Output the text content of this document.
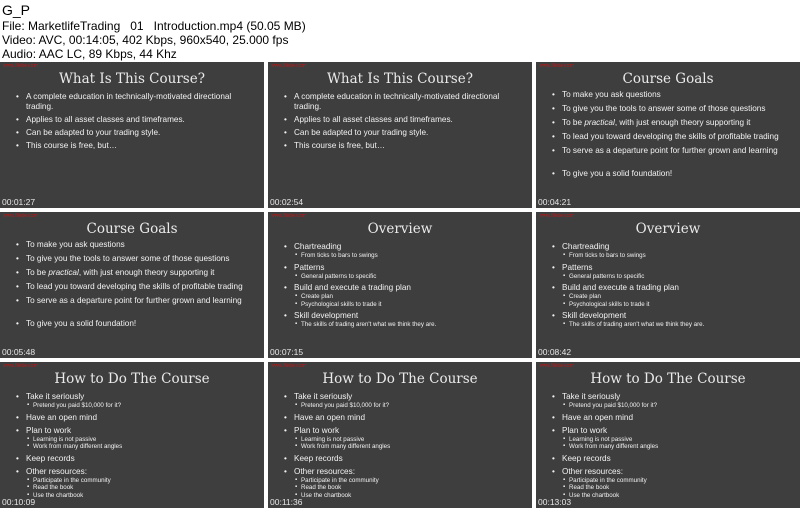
G_P
File: MarketlifeTrading   01   Introduction.mp4 (50.05 MB)
Video: AVC, 00:14:05, 402 Kbps, 960x540, 25.000 fps
Audio: AAC LC, 89 Kbps, 44 Khz
www.filebe.com
What Is This Course?
• A complete education in technically-motivated directional trading.
• Applies to all asset classes and timeframes.
• Can be adapted to your trading style.
• This course is free, but…
00:01:27
www.filebe.com
What Is This Course?
• A complete education in technically-motivated directional trading.
• Applies to all asset classes and timeframes.
• Can be adapted to your trading style.
• This course is free, but…
00:02:54
www.filebe.com
Course Goals
• To make you ask questions
• To give you the tools to answer some of those questions
• To be practical, with just enough theory supporting it
• To lead you toward developing the skills of profitable trading
• To serve as a departure point for further grown and learning
• To give you a solid foundation!
00:04:21
www.filebe.com
Course Goals
• To make you ask questions
• To give you the tools to answer some of those questions
• To be practical, with just enough theory supporting it
• To lead you toward developing the skills of profitable trading
• To serve as a departure point for further grown and learning
• To give you a solid foundation!
00:05:48
www.filebe.com
Overview
• Chartreading
▪ From ticks to bars to swings
• Patterns
▪ General patterns to specific
• Build and execute a trading plan
▪ Create plan
▪ Psychological skills to trade it
• Skill development
▪ The skills of trading aren't what we think they are.
00:07:15
www.filebe.com
Overview
• Chartreading
▪ From ticks to bars to swings
• Patterns
▪ General patterns to specific
• Build and execute a trading plan
▪ Create plan
▪ Psychological skills to trade it
• Skill development
▪ The skills of trading aren't what we think they are.
00:08:42
www.filebe.com
How to Do The Course
• Take it seriously
▪ Pretend you paid $10,000 for it?
• Have an open mind
• Plan to work
▪ Learning is not passive
▪ Work from many different angles
• Keep records
• Other resources:
▪ Participate in the community
▪ Read the book
▪ Use the chartbook
00:10:09
www.filebe.com
How to Do The Course
• Take it seriously
▪ Pretend you paid $10,000 for it?
• Have an open mind
• Plan to work
▪ Learning is not passive
▪ Work from many different angles
• Keep records
• Other resources:
▪ Participate in the community
▪ Read the book
▪ Use the chartbook
00:11:36
www.filebe.com
How to Do The Course
• Take it seriously
▪ Pretend you paid $10,000 for it?
• Have an open mind
• Plan to work
▪ Learning is not passive
▪ Work from many different angles
• Keep records
• Other resources:
▪ Participate in the community
▪ Read the book
▪ Use the chartbook
00:13:03
